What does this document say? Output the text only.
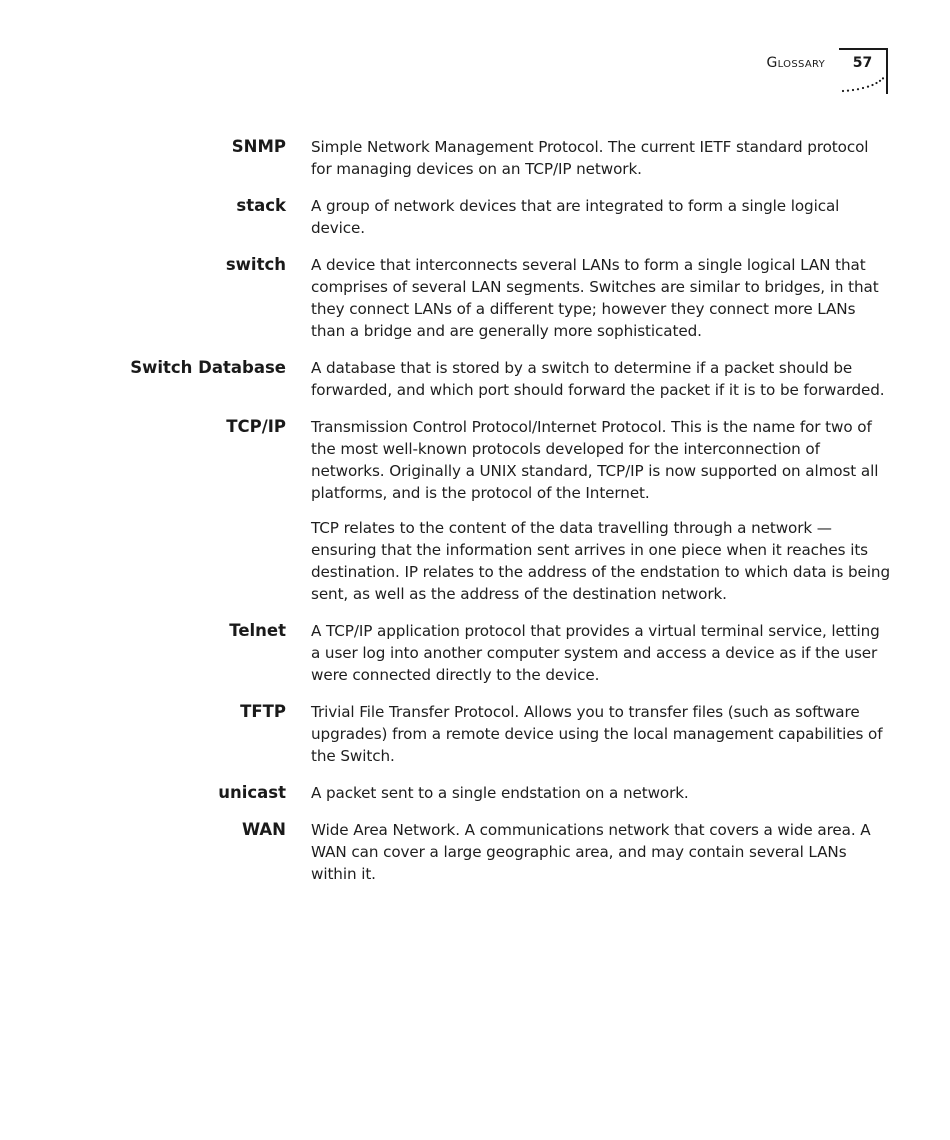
Glossary	57
SNMP Simple Network Management Protocol. The current IETF standard protocol for managing devices on an TCP/IP network.

stack A group of network devices that are integrated to form a single logical device.

switch A device that interconnects several LANs to form a single logical LAN that comprises of several LAN segments. Switches are similar to bridges, in that they connect LANs of a different type; however they connect more LANs than a bridge and are generally more sophisticated.

Switch Database A database that is stored by a switch to determine if a packet should be forwarded, and which port should forward the packet if it is to be forwarded.

TCP/IP Transmission Control Protocol/Internet Protocol. This is the name for two of the most well-known protocols developed for the interconnection of networks. Originally a UNIX standard, TCP/IP is now supported on almost all platforms, and is the protocol of the Internet.

TCP relates to the content of the data travelling through a network — ensuring that the information sent arrives in one piece when it reaches its destination. IP relates to the address of the endstation to which data is being sent, as well as the address of the destination network.

Telnet A TCP/IP application protocol that provides a virtual terminal service, letting a user log into another computer system and access a device as if the user were connected directly to the device.

TFTP Trivial File Transfer Protocol. Allows you to transfer files (such as software upgrades) from a remote device using the local management capabilities of the Switch.

unicast A packet sent to a single endstation on a network.

WAN Wide Area Network. A communications network that covers a wide area. A WAN can cover a large geographic area, and may contain several LANs within it.
